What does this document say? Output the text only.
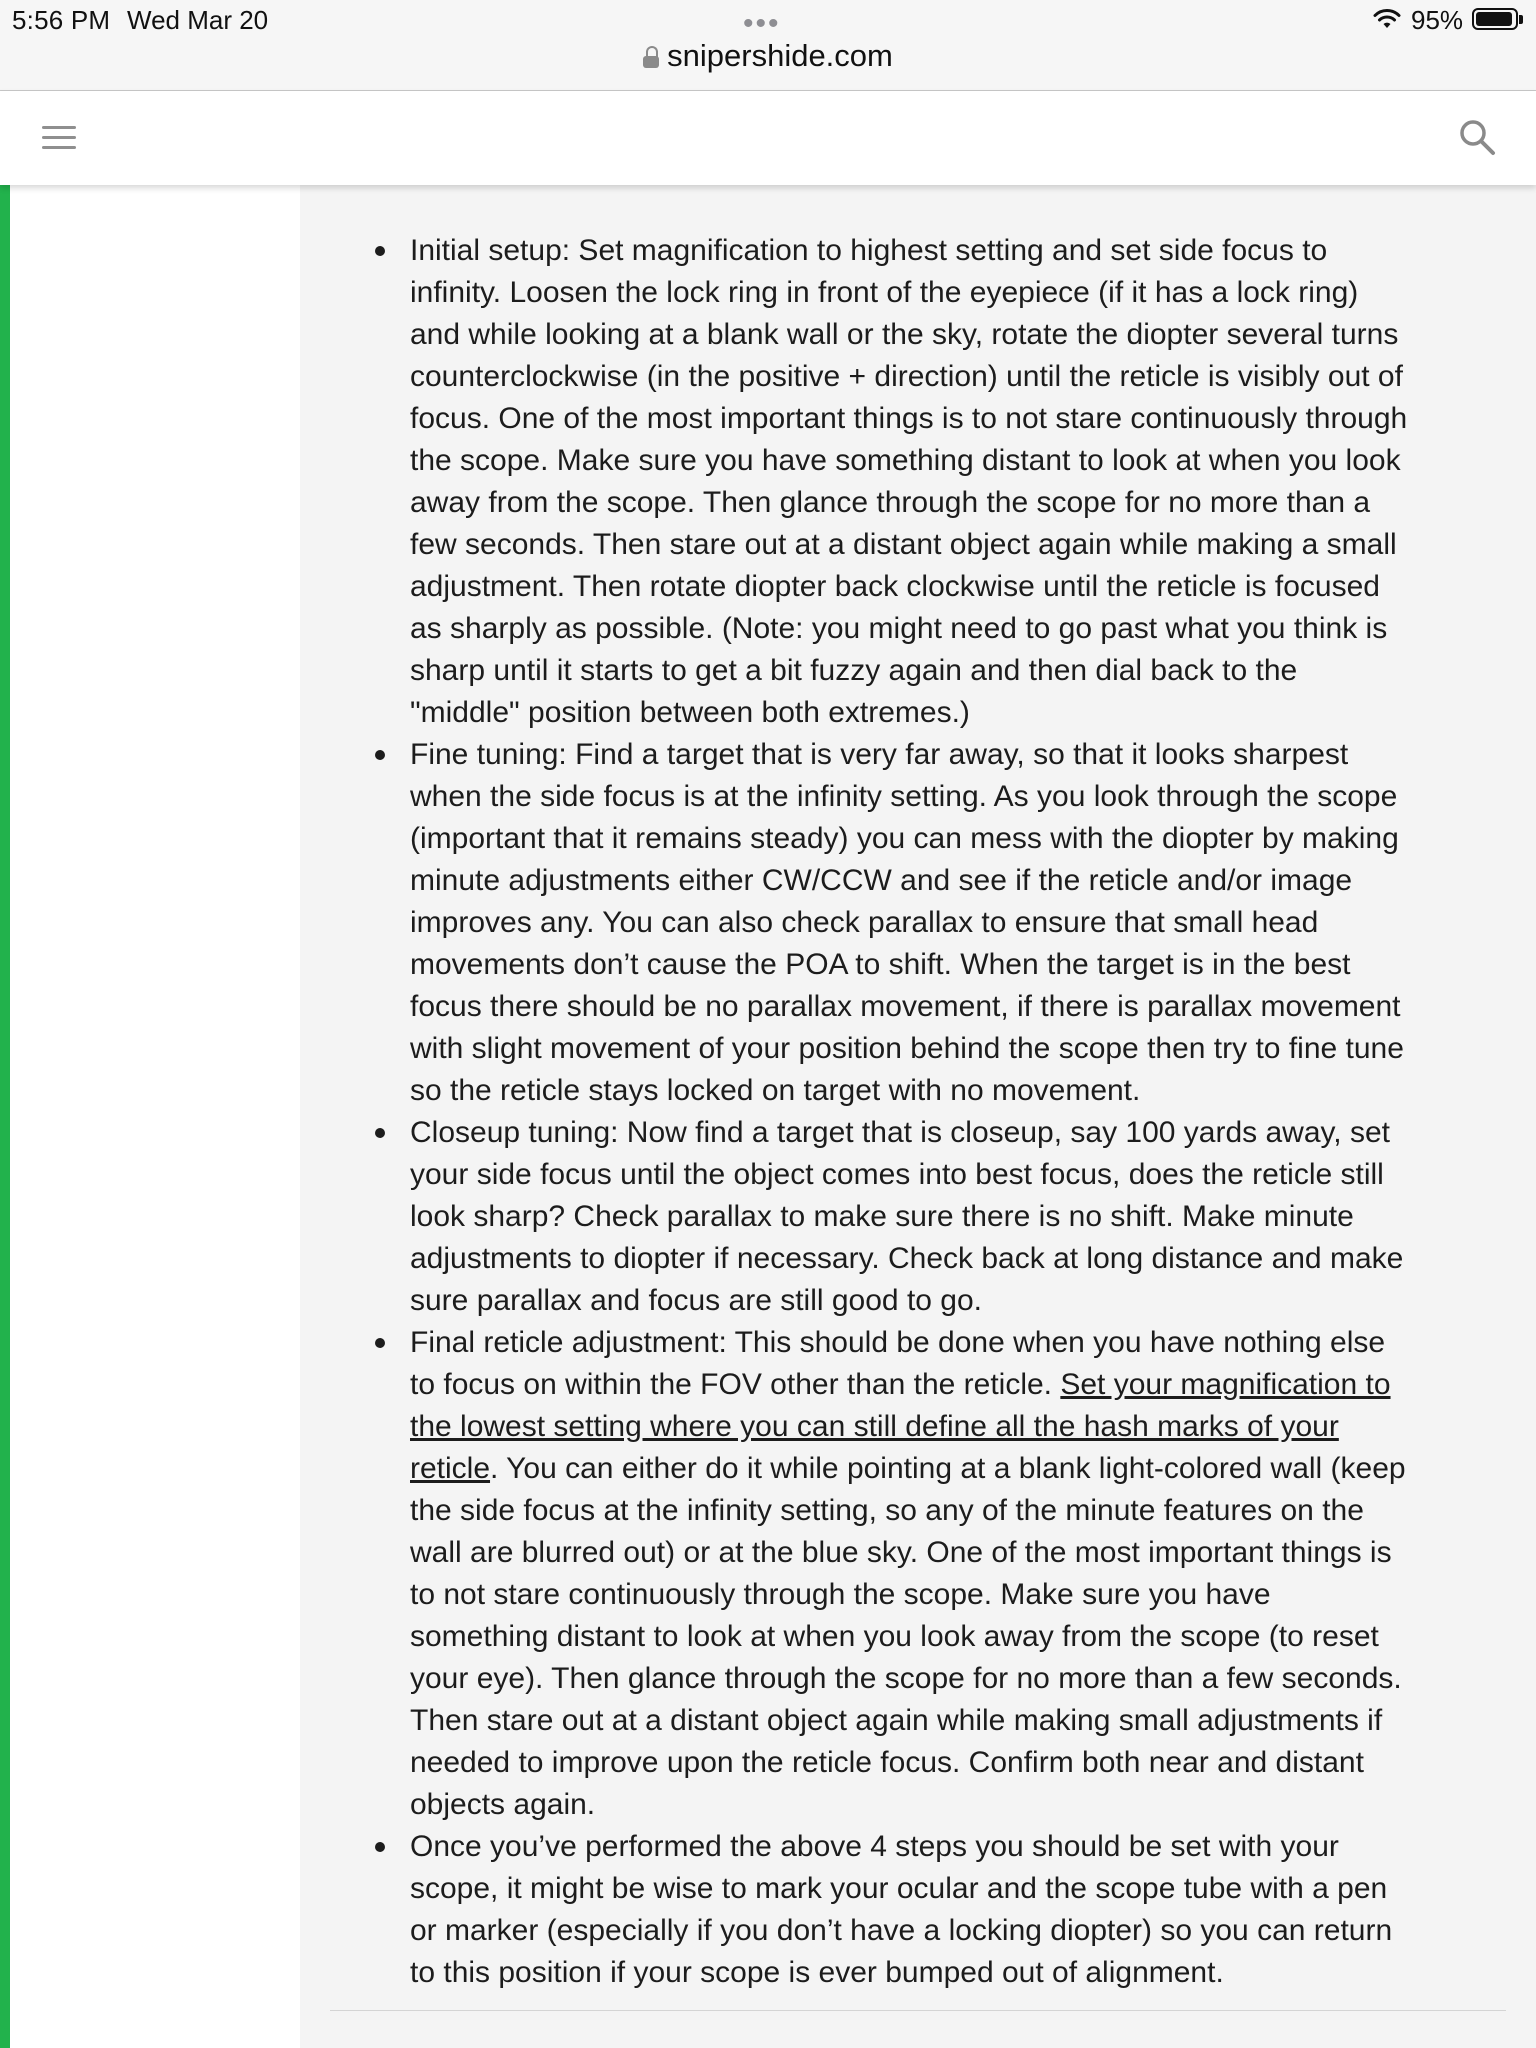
5:56 PM Wed Mar 20	•••
snipershide.com
95%
Initial setup: Set magnification to highest setting and set side focus to infinity. Loosen the lock ring in front of the eyepiece (if it has a lock ring) and while looking at a blank wall or the sky, rotate the diopter several turns counterclockwise (in the positive + direction) until the reticle is visibly out of focus. One of the most important things is to not stare continuously through the scope. Make sure you have something distant to look at when you look away from the scope. Then glance through the scope for no more than a few seconds. Then stare out at a distant object again while making a small adjustment. Then rotate diopter back clockwise until the reticle is focused as sharply as possible. (Note: you might need to go past what you think is sharp until it starts to get a bit fuzzy again and then dial back to the "middle" position between both extremes.)
Fine tuning: Find a target that is very far away, so that it looks sharpest when the side focus is at the infinity setting. As you look through the scope (important that it remains steady) you can mess with the diopter by making minute adjustments either CW/CCW and see if the reticle and/or image improves any. You can also check parallax to ensure that small head movements don’t cause the POA to shift. When the target is in the best focus there should be no parallax movement, if there is parallax movement with slight movement of your position behind the scope then try to fine tune so the reticle stays locked on target with no movement.
Closeup tuning: Now find a target that is closeup, say 100 yards away, set your side focus until the object comes into best focus, does the reticle still look sharp? Check parallax to make sure there is no shift. Make minute adjustments to diopter if necessary. Check back at long distance and make sure parallax and focus are still good to go.
Final reticle adjustment: This should be done when you have nothing else to focus on within the FOV other than the reticle. Set your magnification to the lowest setting where you can still define all the hash marks of your reticle. You can either do it while pointing at a blank light-colored wall (keep the side focus at the infinity setting, so any of the minute features on the wall are blurred out) or at the blue sky. One of the most important things is to not stare continuously through the scope. Make sure you have something distant to look at when you look away from the scope (to reset your eye). Then glance through the scope for no more than a few seconds. Then stare out at a distant object again while making small adjustments if needed to improve upon the reticle focus. Confirm both near and distant objects again.
Once you’ve performed the above 4 steps you should be set with your scope, it might be wise to mark your ocular and the scope tube with a pen or marker (especially if you don’t have a locking diopter) so you can return to this position if your scope is ever bumped out of alignment.
